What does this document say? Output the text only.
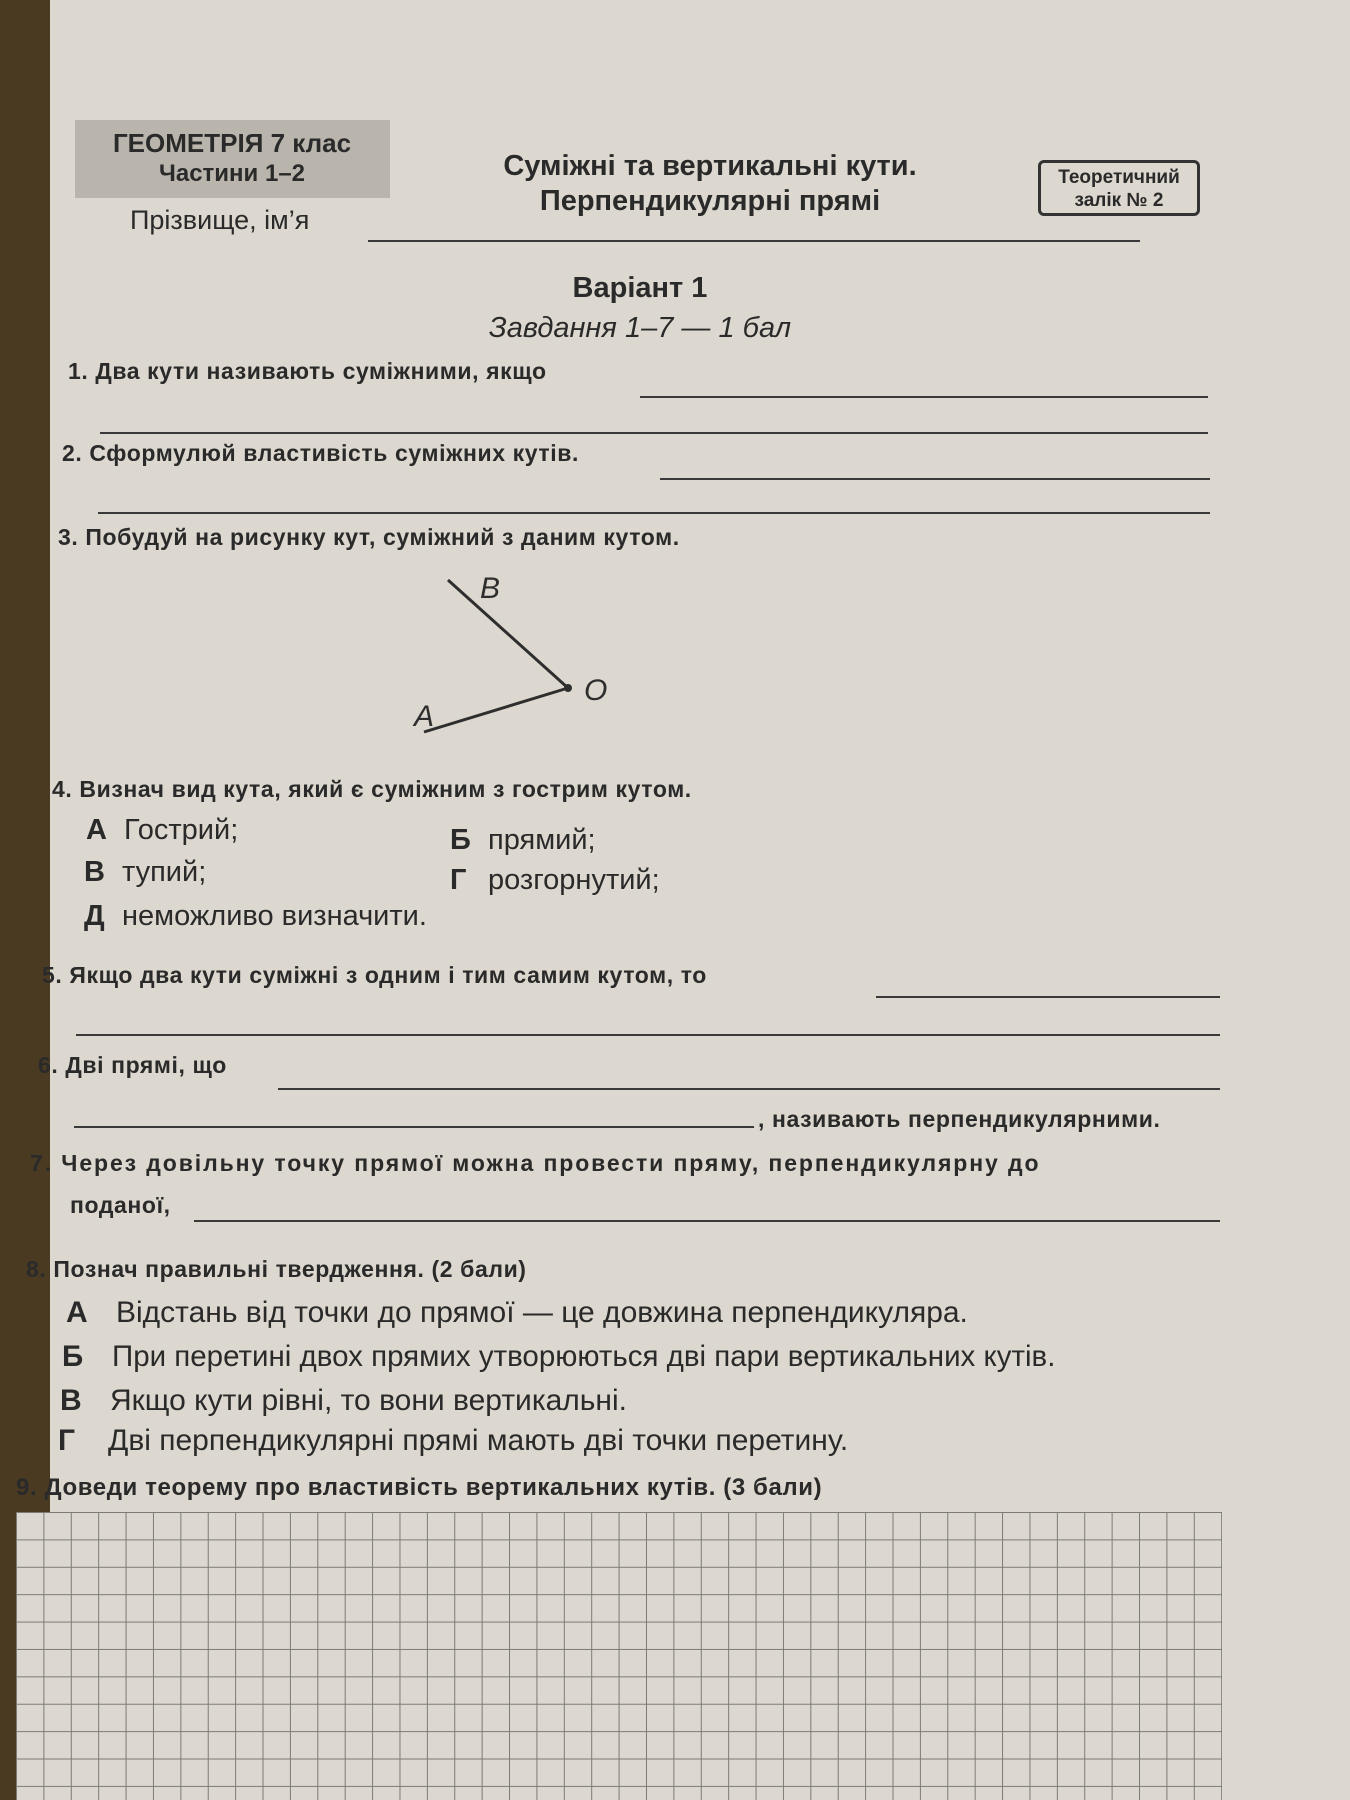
ГЕОМЕТРІЯ 7 клас
Частини 1–2	Суміжні та вертикальні кути.
Перпендикулярні прямі
Теоретичний
залік № 2
Прізвище, ім’я
Варіант 1
Завдання 1–7 — 1 бал
1. Два кути називають суміжними, якщо
2. Сформулюй властивість суміжних кутів.
3. Побудуй на рисунку кут, суміжний з даним кутом.
B
O
A
4. Визнач вид кута, який є суміжним з гострим кутом.
А Гострий;	Б прямий;
В тупий;	Г розгорнутий;
Д неможливо визначити.
5. Якщо два кути суміжні з одним і тим самим кутом, то
6. Дві прямі, що
, називають перпендикулярними.
7. Через довільну точку прямої можна провести пряму, перпендикулярну до
поданої,
8. Познач правильні твердження. (2 бали)
А Відстань від точки до прямої — це довжина перпендикуляра.
Б При перетині двох прямих утворюються дві пари вертикальних кутів.
В Якщо кути рівні, то вони вертикальні.
Г Дві перпендикулярні прямі мають дві точки перетину.
9. Доведи теорему про властивість вертикальних кутів. (3 бали)
